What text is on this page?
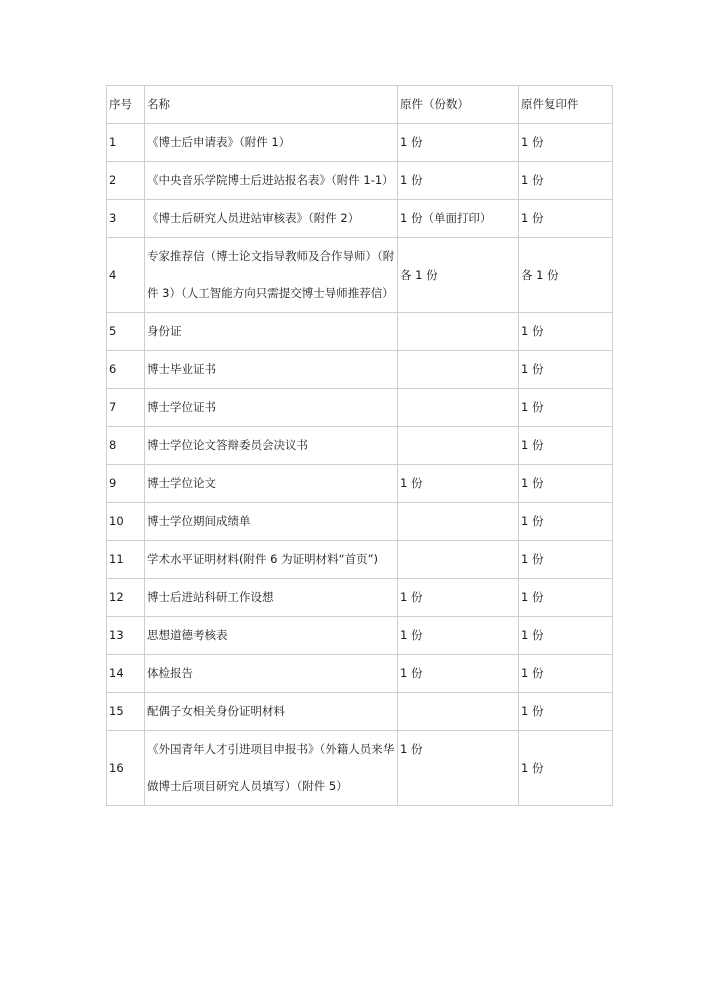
序号	名称	原件（份数）	原件复印件
1	《博士后申请表》（附件 1）	1 份	1 份
2	《中央音乐学院博士后进站报名表》（附件 1-1）	1 份	1 份
3	《博士后研究人员进站审核表》（附件 2）	1 份（单面打印）	1 份
4	专家推荐信（博士论文指导教师及合作导师）（附件 3）（人工智能方向只需提交博士导师推荐信）	各 1 份	各 1 份
5	身份证		1 份
6	博士毕业证书		1 份
7	博士学位证书		1 份
8	博士学位论文答辩委员会决议书		1 份
9	博士学位论文	1 份	1 份
10	博士学位期间成绩单		1 份
11	学术水平证明材料(附件 6 为证明材料“首页”)		1 份
12	博士后进站科研工作设想	1 份	1 份
13	思想道德考核表	1 份	1 份
14	体检报告	1 份	1 份
15	配偶子女相关身份证明材料		1 份
16	《外国青年人才引进项目申报书》（外籍人员来华做博士后项目研究人员填写）（附件 5）	1 份	1 份
